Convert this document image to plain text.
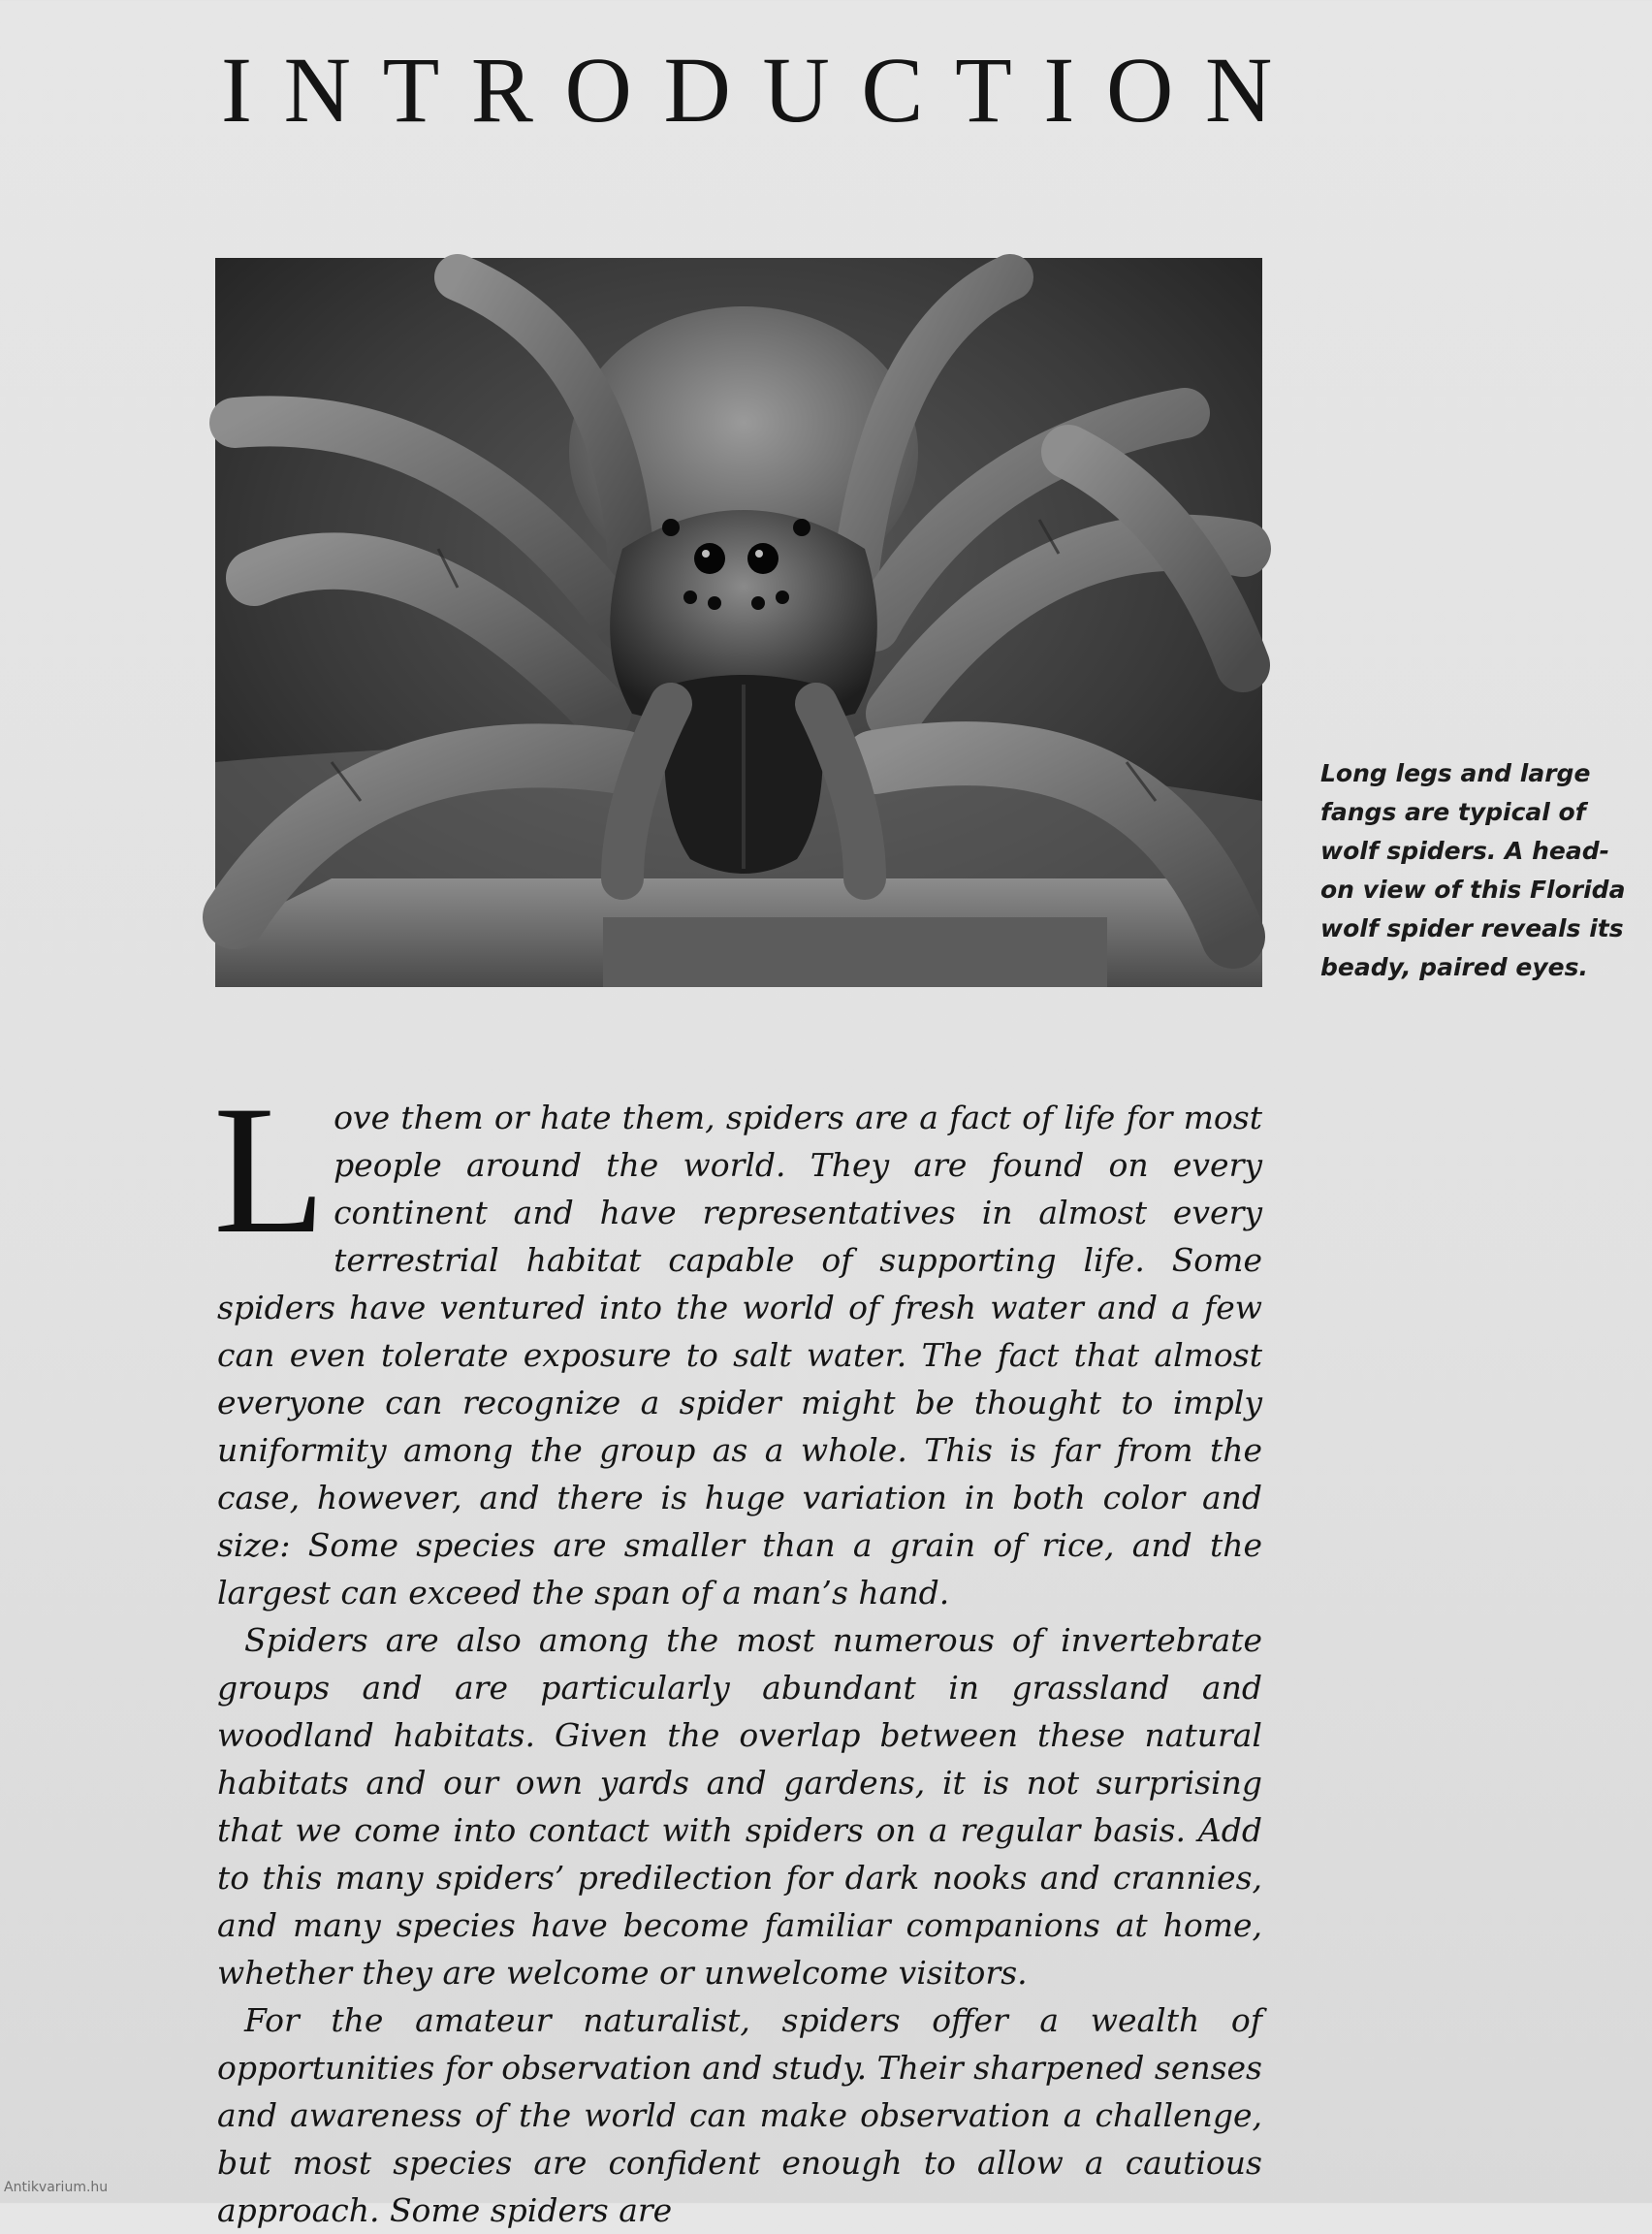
INTRODUCTION

Long legs and large fangs are typical of wolf spiders. A head-on view of this Florida wolf spider reveals its beady, paired eyes.

Love them or hate them, spiders are a fact of life for most people around the world. They are found on every continent and have representatives in almost every terrestrial habitat capable of supporting life. Some spiders have ventured into the world of fresh water and a few can even tolerate exposure to salt water. The fact that almost everyone can recognize a spider might be thought to imply uniformity among the group as a whole. This is far from the case, however, and there is huge variation in both color and size: Some species are smaller than a grain of rice, and the largest can exceed the span of a man’s hand.

Spiders are also among the most numerous of invertebrate groups and are particularly abundant in grassland and woodland habitats. Given the overlap between these natural habitats and our own yards and gardens, it is not surprising that we come into contact with spiders on a regular basis. Add to this many spiders’ predilection for dark nooks and crannies, and many species have become familiar companions at home, whether they are welcome or unwelcome visitors.

For the amateur naturalist, spiders offer a wealth of opportunities for observation and study. Their sharpened senses and awareness of the world can make observation a challenge, but most species are confident enough to allow a cautious approach. Some spiders are

Antikvarium.hu
